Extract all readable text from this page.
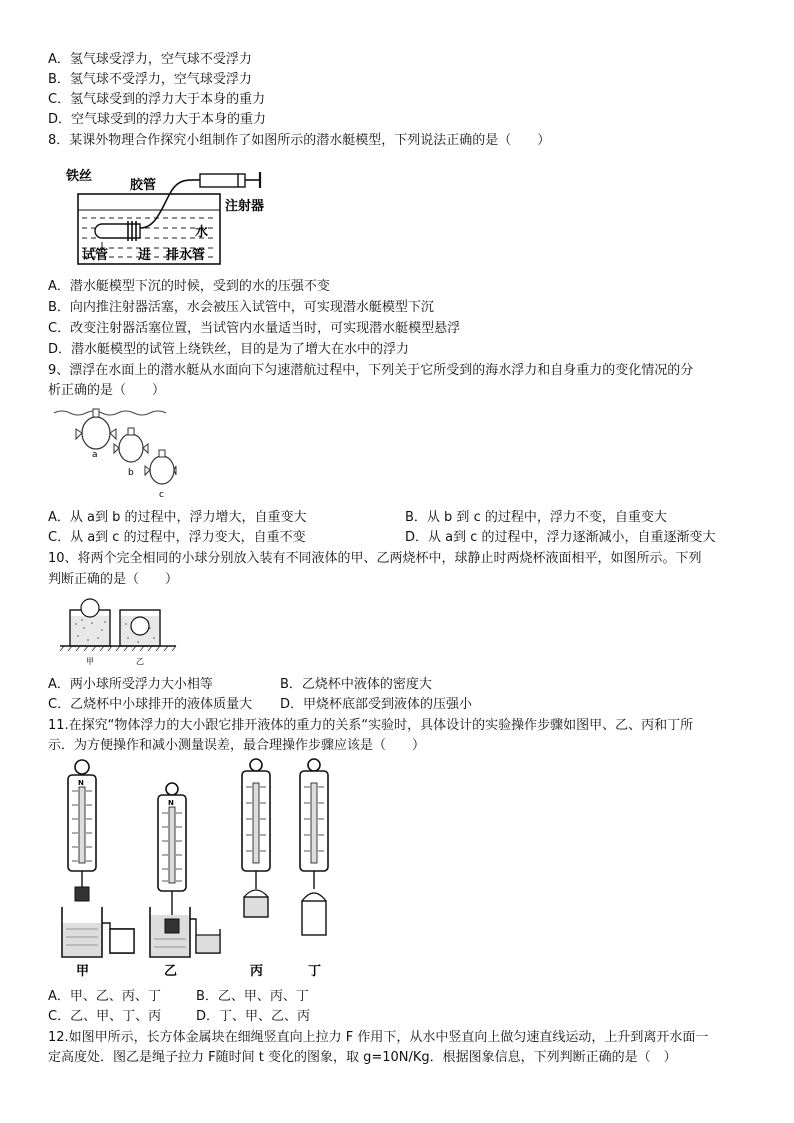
A．氢气球受浮力，空气球不受浮力
B．氢气球不受浮力，空气球受浮力
C．氢气球受到的浮力大于本身的重力
D．空气球受到的浮力大于本身的重力
8．某课外物理合作探究小组制作了如图所示的潜水艇模型，下列说法正确的是（　　）
铁丝
胶管
注射器
水
试管 进 排水管
A．潜水艇模型下沉的时候，受到的水的压强不变
B．向内推注射器活塞，水会被压入试管中，可实现潜水艇模型下沉
C．改变注射器活塞位置，当试管内水量适当时，可实现潜水艇模型悬浮
D．潜水艇模型的试管上绕铁丝，目的是为了增大在水中的浮力
9、漂浮在水面上的潜水艇从水面向下匀速潜航过程中，下列关于它所受到的海水浮力和自身重力的变化情况的分
析正确的是（　　）
a
b
c
A．从 a到 b 的过程中，浮力增大，自重变大	B．从 b 到 c 的过程中，浮力不变，自重变大
C．从 a到 c 的过程中，浮力变大，自重不变	D．从 a到 c 的过程中，浮力逐渐减小，自重逐渐变大
10、将两个完全相同的小球分别放入装有不同液体的甲、乙两烧杯中，球静止时两烧杯液面相平，如图所示。下列
判断正确的是（　　）
甲	乙
A．两小球所受浮力大小相等	B．乙烧杯中液体的密度大
C．乙烧杯中小球排开的液体质量大 D．甲烧杯底部受到液体的压强小
11.在探究“物体浮力的大小跟它排开液体的重力的关系“实验时，具体设计的实验操作步骤如图甲、乙、丙和丁所
示．为方便操作和减小测量误差，最合理操作步骤应该是（　　）
N
甲
N
乙	丙	丁
A．甲、乙、丙、丁	B．乙、甲、丙、丁
C．乙、甲、丁、丙	D．丁、甲、乙、丙
12.如图甲所示，长方体金属块在细绳竖直向上拉力 F 作用下，从水中竖直向上做匀速直线运动，上升到离开水面一
定高度处．图乙是绳子拉力 F随时间 t 变化的图象，取 g=10N/Kg．根据图象信息，下列判断正确的是（　）
